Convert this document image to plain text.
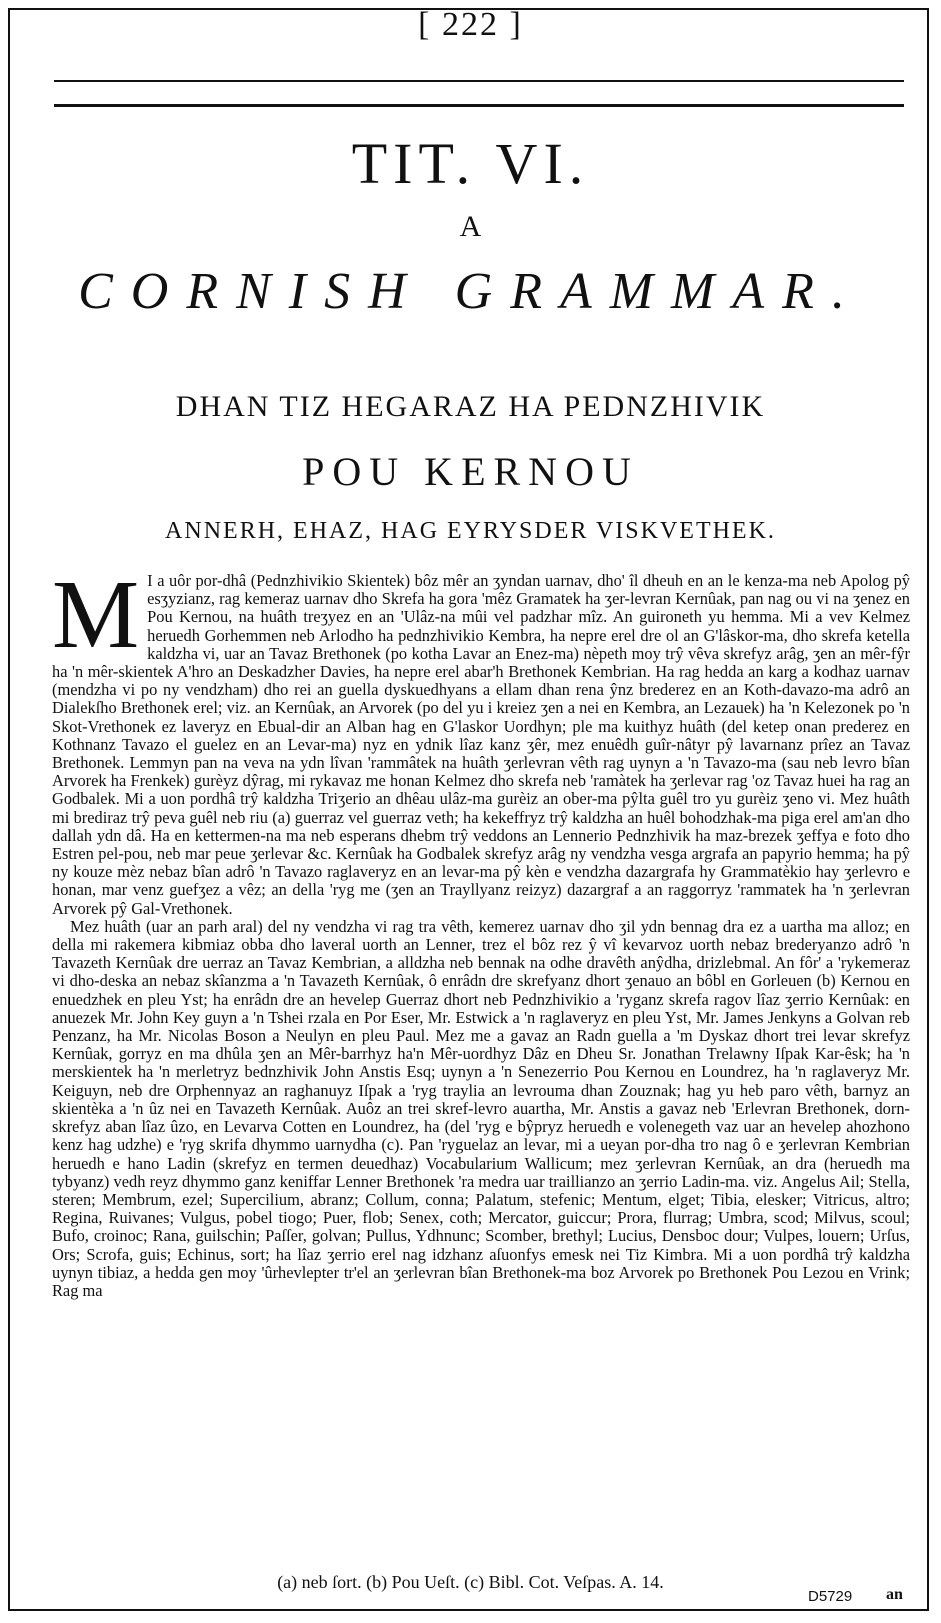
[ 222 ]
TIT. VI.
A
CORNISH GRAMMAR.
DHAN TIZ HEGARAZ HA PEDNZHIVIK
POU KERNOU
ANNERH, EHAZ, HAG EYRYSDER VISKVETHEK.

M I a uôr por-dhâ (Pednzhivikio Skientek) bôz mêr an ʒyndan uarnav, dho' îl dheuh en an le kenza-ma neb Apolog pŷ esʒyzianz, rag kemeraz uarnav dho Skrefa ha gora 'mêz Gramatek ha ʒer-levran Kernûak, pan nag ou vi na ʒenez en Pou Kernou, na huâth treʒyez en an 'Ulâz-na mûi vel padzhar mîz. An guironeth yu hemma. Mi a vev Kelmez heruedh Gorhemmen neb Arlodho ha pednzhivikio Kembra, ha nepre erel dre ol an G'lâskor-ma, dho skrefa ketella kaldzha vi, uar an Tavaz Brethonek (po kotha Lavar an Enez-ma) nèpeth moy trŷ vêva skrefyz arâg, ʒen an mêr-fŷr ha 'n mêr-skientek A'hro an Deskadzher Davies, ha nepre erel abar'h Brethonek Kembrian. Ha rag hedda an karg a kodhaz uarnav (mendzha vi po ny vendzham) dho rei an guella dyskuedhyans a ellam dhan rena ŷnz brederez en an Koth-davazo-ma adrô an Dialekſho Brethonek erel; viz. an Kernûak, an Arvorek (po del yu i kreiez ʒen a nei en Kembra, an Lezauek) ha 'n Kelezonek po 'n Skot-Vrethonek ez laveryz en Ebual-dir an Alban hag en G'laskor Uordhyn; ple ma kuithyz huâth (del ketep onan prederez en Kothnanz Tavazo el guelez en an Levar-ma) nyz en ydnik lîaz kanz ʒêr, mez enuêdh guîr-nâtyr pŷ lavarnanz prîez an Tavaz Brethonek. Lemmyn pan na veva na ydn lîvan 'rammâtek na huâth ʒerlevran vêth rag uynyn a 'n Tavazo-ma (sau neb levro bîan Arvorek ha Frenkek) gurèyz dŷrag, mi rykavaz me honan Kelmez dho skrefa neb 'ramàtek ha ʒerlevar rag 'oz Tavaz huei ha rag an Godbalek. Mi a uon pordhâ trŷ kaldzha Triʒerio an dhêau ulâz-ma gurèiz an ober-ma pŷlta guêl tro yu gurèiz ʒeno vi. Mez huâth mi brediraz trŷ peva guêl neb riu (a) guerraz vel guerraz veth; ha kekeffryz trŷ kaldzha an huêl bohodzhak-ma piga erel am'an dho dallah ydn dâ. Ha en kettermen-na ma neb esperans dhebm trŷ veddons an Lennerio Pednzhivik ha maz-brezek ʒeffya e foto dho Estren pel-pou, neb mar peue ʒerlevar &c. Kernûak ha Godbalek skrefyz arâg ny vendzha vesga argrafa an papyrio hemma; ha pŷ ny kouze mèz nebaz bîan adrô 'n Tavazo raglaveryz en an levar-ma pŷ kèn e vendzha dazargrafa hy Grammatèkio hay ʒerlevro e honan, mar venz guefʒez a vêz; an della 'ryg me (ʒen an Trayllyanz reizyz) dazargraf a an raggorryz 'rammatek ha 'n ʒerlevran Arvorek pŷ Gal-Vrethonek.

Mez huâth (uar an parh aral) del ny vendzha vi rag tra vêth, kemerez uarnav dho ʒil ydn bennag dra ez a uartha ma alloz; en della mi rakemera kibmiaz obba dho laveral uorth an Lenner, trez el bôz rez ŷ vî kevarvoz uorth nebaz brederyanzo adrô 'n Tavazeth Kernûak dre uerraz an Tavaz Kembrian, a alldzha neb bennak na odhe dravêth anŷdha, drizlebmal. An fôr' a 'rykemeraz vi dho-deska an nebaz skîanzma a 'n Tavazeth Kernûak, ô enrâdn dre skrefyanz dhort ʒenauo an bôbl en Gorleuen (b) Kernou en enuedzhek en pleu Yst; ha enrâdn dre an hevelep Guerraz dhort neb Pednzhivikio a 'ryganz skrefa ragov lîaz ʒerrio Kernûak: en anuezek Mr. John Key guyn a 'n Tshei rzala en Por Eser, Mr. Estwick a 'n raglaveryz en pleu Yst, Mr. James Jenkyns a Golvan reb Penzanz, ha Mr. Nicolas Boson a Neulyn en pleu Paul. Mez me a gavaz an Radn guella a 'm Dyskaz dhort trei levar skrefyz Kernûak, gorryz en ma dhûla ʒen an Mêr-barrhyz ha'n Mêr-uordhyz Dâz en Dheu Sr. Jonathan Trelawny Iſpak Kar-êsk; ha 'n merskientek ha 'n merletryz bednzhivik John Anstis Esq; uynyn a 'n Senezerrio Pou Kernou en Loundrez, ha 'n raglaveryz Mr. Keiguyn, neb dre Orphennyaz an raghanuyz Iſpak a 'ryg traylia an levrouma dhan Zouznak; hag yu heb paro vêth, barnyz an skientèka a 'n ûz nei en Tavazeth Kernûak. Auôz an trei skref-levro auartha, Mr. Anstis a gavaz neb 'Erlevran Brethonek, dorn-skrefyz aban lîaz ûzo, en Levarva Cotten en Loundrez, ha (del 'ryg e bŷpryz heruedh e volenegeth vaz uar an hevelep ahozhono kenz hag udzhe) e 'ryg skrifa dhymmo uarnydha (c). Pan 'ryguelaz an levar, mi a ueyan por-dha tro nag ô e ʒerlevran Kembrian heruedh e hano Ladin (skrefyz en termen deuedhaz) Vocabularium Wallicum; mez ʒerlevran Kernûak, an dra (heruedh ma tybyanz) vedh reyz dhymmo ganz keniffar Lenner Brethonek 'ra medra uar traillianzo an ʒerrio Ladin-ma. viz. Angelus Ail; Stella, steren; Membrum, ezel; Supercilium, abranz; Collum, conna; Palatum, stefenic; Mentum, elget; Tibia, elesker; Vitricus, altro; Regina, Ruivanes; Vulgus, pobel tiogo; Puer, flob; Senex, coth; Mercator, guiccur; Prora, flurrag; Umbra, scod; Milvus, scoul; Bufo, croinoc; Rana, guilschin; Paſſer, golvan; Pullus, Ydhnunc; Scomber, brethyl; Lucius, Densboc dour; Vulpes, louern; Urſus, Ors; Scrofa, guis; Echinus, sort; ha lîaz ʒerrio erel nag idzhanz aſuonfys emesk nei Tiz Kimbra. Mi a uon pordhâ trŷ kaldzha uynyn tibiaz, a hedda gen moy 'ûrhevlepter tr'el an ʒerlevran bîan Brethonek-ma boz Arvorek po Brethonek Pou Lezou en Vrink; Rag ma

(a) neb ſort. (b) Pou Ueſt. (c) Bibl. Cot. Veſpas. A. 14.
D5729 an
